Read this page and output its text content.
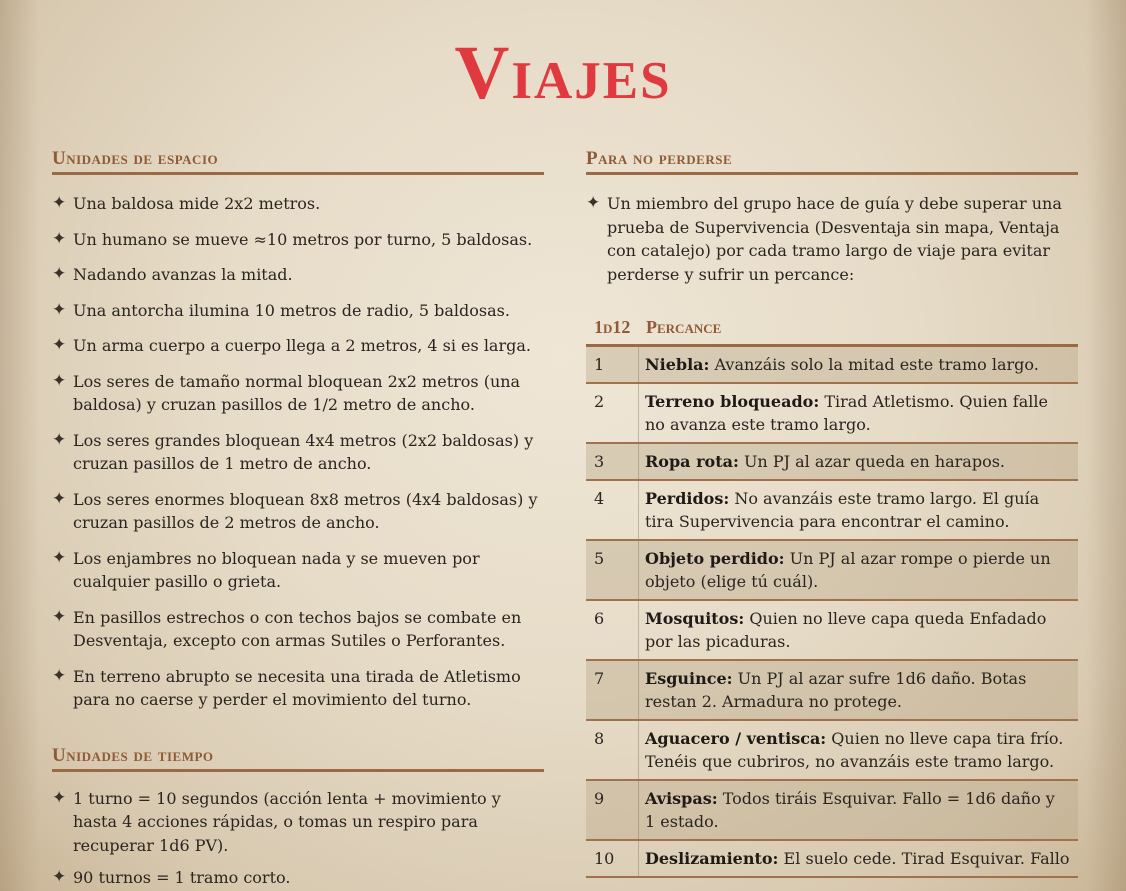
Viajes
Unidades de espacio
✦ Una baldosa mide 2x2 metros.
✦ Un humano se mueve ≈10 metros por turno, 5 baldosas.
✦ Nadando avanzas la mitad.
✦ Una antorcha ilumina 10 metros de radio, 5 baldosas.
✦ Un arma cuerpo a cuerpo llega a 2 metros, 4 si es larga.
✦ Los seres de tamaño normal bloquean 2x2 metros (una baldosa) y cruzan pasillos de 1/2 metro de ancho.
✦ Los seres grandes bloquean 4x4 metros (2x2 baldosas) y cruzan pasillos de 1 metro de ancho.
✦ Los seres enormes bloquean 8x8 metros (4x4 baldosas) y cruzan pasillos de 2 metros de ancho.
✦ Los enjambres no bloquean nada y se mueven por cualquier pasillo o grieta.
✦ En pasillos estrechos o con techos bajos se combate en Desventaja, excepto con armas Sutiles o Perforantes.
✦ En terreno abrupto se necesita una tirada de Atletismo para no caerse y perder el movimiento del turno.
Unidades de tiempo
✦ 1 turno = 10 segundos (acción lenta + movimiento y hasta 4 acciones rápidas, o tomas un respiro para recuperar 1d6 PV).
✦ 90 turnos = 1 tramo corto.
Para no perderse
✦ Un miembro del grupo hace de guía y debe superar una prueba de Supervivencia (Desventaja sin mapa, Ventaja con catalejo) por cada tramo largo de viaje para evitar perderse y sufrir un percance:
1d12 Percance
1	Niebla: Avanzáis solo la mitad este tramo largo.
2	Terreno bloqueado: Tirad Atletismo. Quien falle no avanza este tramo largo.
3	Ropa rota: Un PJ al azar queda en harapos.
4	Perdidos: No avanzáis este tramo largo. El guía tira Supervivencia para encontrar el camino.
5	Objeto perdido: Un PJ al azar rompe o pierde un objeto (elige tú cuál).
6	Mosquitos: Quien no lleve capa queda Enfadado por las picaduras.
7	Esguince: Un PJ al azar sufre 1d6 daño. Botas restan 2. Armadura no protege.
8	Aguacero / ventisca: Quien no lleve capa tira frío. Tenéis que cubriros, no avanzáis este tramo largo.
9	Avispas: Todos tiráis Esquivar. Fallo = 1d6 daño y 1 estado.
10	Deslizamiento: El suelo cede. Tirad Esquivar. Fallo
